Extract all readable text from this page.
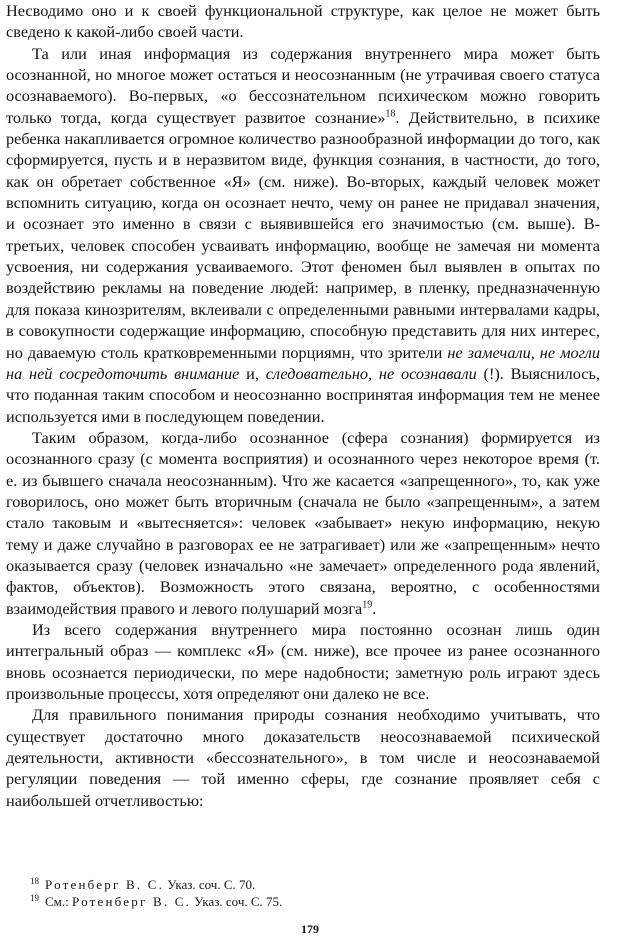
Несводимо оно и к своей функциональной структуре, как целое не может быть сведено к какой-либо своей части.

Та или иная информация из содержания внутреннего мира может быть осознанной, но многое может остаться и неосознанным (не утрачивая своего статуса осознаваемого). Во-первых, «о бессознательном психическом можно говорить только тогда, когда существует развитое сознание»$^{18}$. Действительно, в психике ребенка накапливается огромное количество разнообразной информации до того, как сформируется, пусть и в неразвитом виде, функция сознания, в частности, до того, как он обретает собственное «Я» (см. ниже). Во-вторых, каждый человек может вспомнить ситуацию, когда он осознает нечто, чему он ранее не придавал значения, и осознает это именно в связи с выявившейся его значимостью (см. выше). В-третьих, человек способен усваивать информацию, вообще не замечая ни момента усвоения, ни содержания усваиваемого. Этот феномен был выявлен в опытах по воздействию рекламы на поведение людей: например, в пленку, предназначенную для показа кинозрителям, вклеивали с определенными равными интервалами кадры, в совокупности содержащие информацию, способную представить для них интерес, но даваемую столь кратковременными порциямн, что зрители не замечали, не могли на ней сосредоточить внимание и, следовательно, не осознавали (!). Выяснилось, что поданная таким способом и неосознанно воспринятая информация тем не менее используется ими в последующем поведении.

Таким образом, когда-либо осознанное (сфера сознания) формируется из осознанного сразу (с момента восприятия) и осознанного через некоторое время (т. е. из бывшего сначала неосознанным). Что же касается «запрещенного», то, как уже говорилось, оно может быть вторичным (сначала не было «запрещенным», а затем стало таковым и «вытесняется»: человек «забывает» некую информацию, некую тему и даже случайно в разговорах ее не затрагивает) или же «запрещенным» нечто оказывается сразу (человек изначально «не замечает» определенного рода явлений, фактов, объектов). Возможность этого связана, вероятно, с особенностями взаимодействия правого и левого полушарий мозга$^{19}$.

Из всего содержания внутреннего мира постоянно осознан лишь один интегральный образ — комплекс «Я» (см. ниже), все прочее из ранее осознанного вновь осознается периодически, по мере надобности; заметную роль играют здесь произвольные процессы, хотя определяют они далеко не все.

Для правильного понимания природы сознания необходимо учитывать, что существует достаточно много доказательств неосознаваемой психической деятельности, активности «бессознательного», в том числе и неосознаваемой регуляции поведения — той именно сферы, где сознание проявляет себя с наибольшей отчетливостью:

$^{18}$ Ротенберг В. С. Указ. соч. С. 70.
$^{19}$ См.: Ротенберг В. С. Указ. соч. С. 75.
179
